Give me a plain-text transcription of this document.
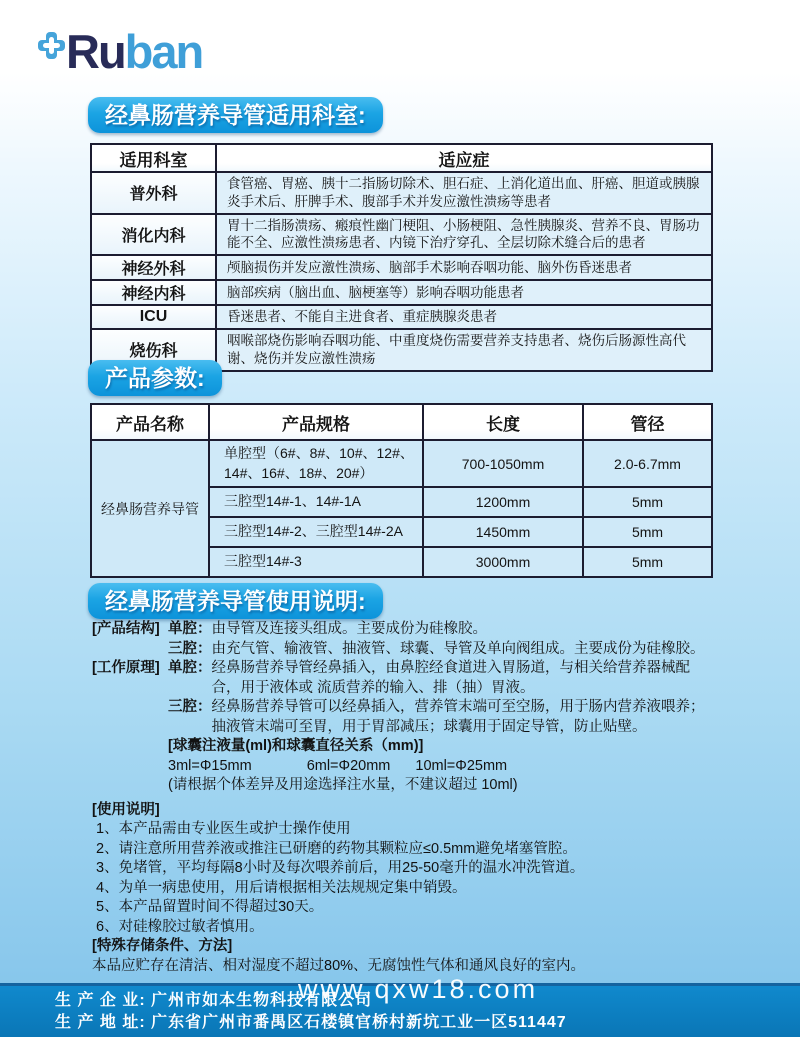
Ruban
经鼻肠营养导管适用科室:
适用科室	适应症
普外科	食管癌、胃癌、胰十二指肠切除术、胆石症、上消化道出血、肝癌、胆道或胰腺炎手术后、肝脾手术、腹部手术并发应激性溃疡等患者
消化内科	胃十二指肠溃疡、瘢痕性幽门梗阻、小肠梗阻、急性胰腺炎、营养不良、胃肠功能不全、应激性溃疡患者、内镜下治疗穿孔、全层切除术缝合后的患者
神经外科	颅脑损伤并发应激性溃疡、脑部手术影响吞咽功能、脑外伤昏迷患者
神经内科	脑部疾病（脑出血、脑梗塞等）影响吞咽功能患者
ICU	昏迷患者、不能自主进食者、重症胰腺炎患者
烧伤科	咽喉部烧伤影响吞咽功能、中重度烧伤需要营养支持患者、烧伤后肠源性高代谢、烧伤并发应激性溃疡
产品参数:
产品名称	产品规格	长度	管径
经鼻肠营养导管	单腔型（6#、8#、10#、12#、14#、16#、18#、20#）	700-1050mm	2.0-6.7mm
	三腔型14#-1、14#-1A	1200mm	5mm
	三腔型14#-2、三腔型14#-2A	1450mm	5mm
	三腔型14#-3	3000mm	5mm
经鼻肠营养导管使用说明:
[产品结构] 单腔： 由导管及连接头组成。主要成份为硅橡胶。
三腔： 由充气管、输液管、抽液管、球囊、导管及单向阀组成。主要成份为硅橡胶。
[工作原理] 单腔： 经鼻肠营养导管经鼻插入，由鼻腔经食道进入胃肠道，与相关给营养器械配合，用于液体或 流质营养的输入、排（抽）胃液。
三腔： 经鼻肠营养导管可以经鼻插入，营养管末端可至空肠，用于肠内营养液喂养；抽液管末端可至胃，用于胃部减压；球囊用于固定导管，防止贴壁。
[球囊注液量(ml)和球囊直径关系（mm)]
3ml=Φ15mm	6ml=Φ20mm 10ml=Φ25mm
(请根据个体差异及用途选择注水量，不建议超过 10ml)
[使用说明]
1、本产品需由专业医生或护士操作使用
2、请注意所用营养液或推注已研磨的药物其颗粒应≤0.5mm避免堵塞管腔。
3、免堵管，平均每隔8小时及每次喂养前后，用25-50毫升的温水冲洗管道。
4、为单一病患使用，用后请根据相关法规规定集中销毁。
5、本产品留置时间不得超过30天。
6、对硅橡胶过敏者慎用。
[特殊存储条件、方法]
本品应贮存在清洁、相对湿度不超过80%、无腐蚀性气体和通风良好的室内。
www.qxw18.com
生 产 企 业: 广州市如本生物科技有限公司
生 产 地 址: 广东省广州市番禺区石楼镇官桥村新坑工业一区511447
